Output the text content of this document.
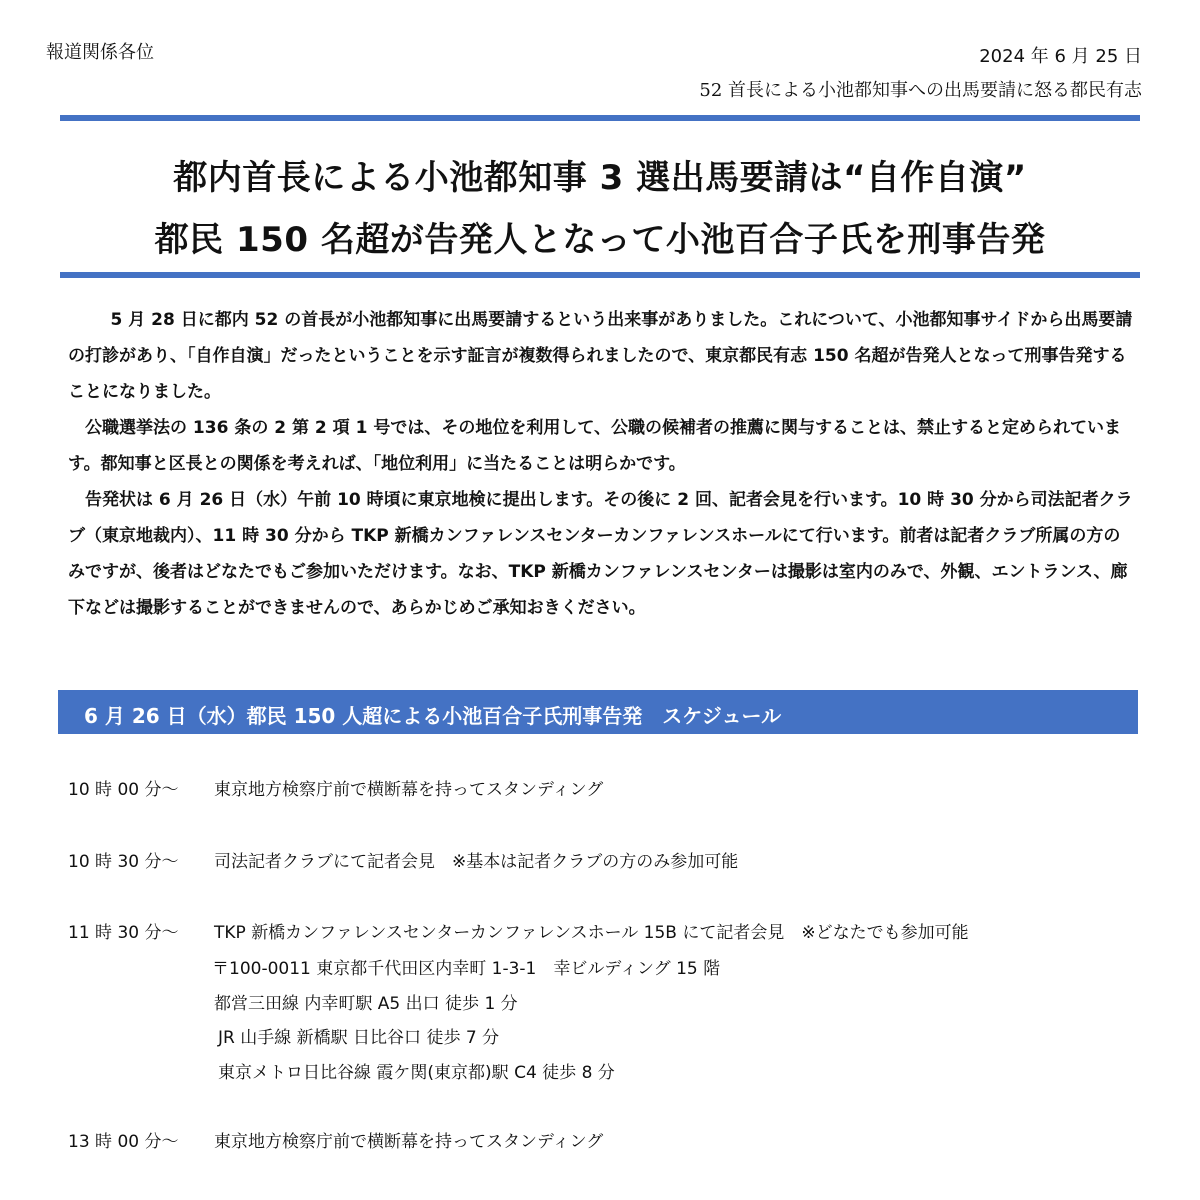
報道関係各位	2024 年 6 月 25 日
52 首長による小池都知事への出馬要請に怒る都民有志
都内首長による小池都知事 3 選出馬要請は“自作自演”
都民 150 名超が告発人となって小池百合子氏を刑事告発

5 月 28 日に都内 52 の首長が小池都知事に出馬要請するという出来事がありました。これについて、小池都知事サイドから出馬要請の打診があり、「自作自演」だったということを示す証言が複数得られましたので、東京都民有志 150 名超が告発人となって刑事告発することになりました。

公職選挙法の 136 条の 2 第 2 項 1 号では、その地位を利用して、公職の候補者の推薦に関与することは、禁止すると定められています。都知事と区長との関係を考えれば、「地位利用」に当たることは明らかです。

告発状は 6 月 26 日（水）午前 10 時頃に東京地検に提出します。その後に 2 回、記者会見を行います。10 時 30 分から司法記者クラブ（東京地裁内）、11 時 30 分から TKP 新橋カンファレンスセンターカンファレンスホールにて行います。前者は記者クラブ所属の方のみですが、後者はどなたでもご参加いただけます。なお、TKP 新橋カンファレンスセンターは撮影は室内のみで、外観、エントランス、廊下などは撮影することができませんので、あらかじめご承知おきください。

6 月 26 日（水）都民 150 人超による小池百合子氏刑事告発　スケジュール
10 時 00 分～ 東京地方検察庁前で横断幕を持ってスタンディング
10 時 30 分～ 司法記者クラブにて記者会見　※基本は記者クラブの方のみ参加可能
11 時 30 分～ TKP 新橋カンファレンスセンターカンファレンスホール 15B にて記者会見　※どなたでも参加可能
〒100-0011 東京都千代田区内幸町 1-3-1　幸ビルディング 15 階
都営三田線 内幸町駅 A5 出口 徒歩 1 分
JR 山手線 新橋駅 日比谷口 徒歩 7 分
東京メトロ日比谷線 霞ケ関(東京都)駅 C4 徒歩 8 分
13 時 00 分～ 東京地方検察庁前で横断幕を持ってスタンディング
